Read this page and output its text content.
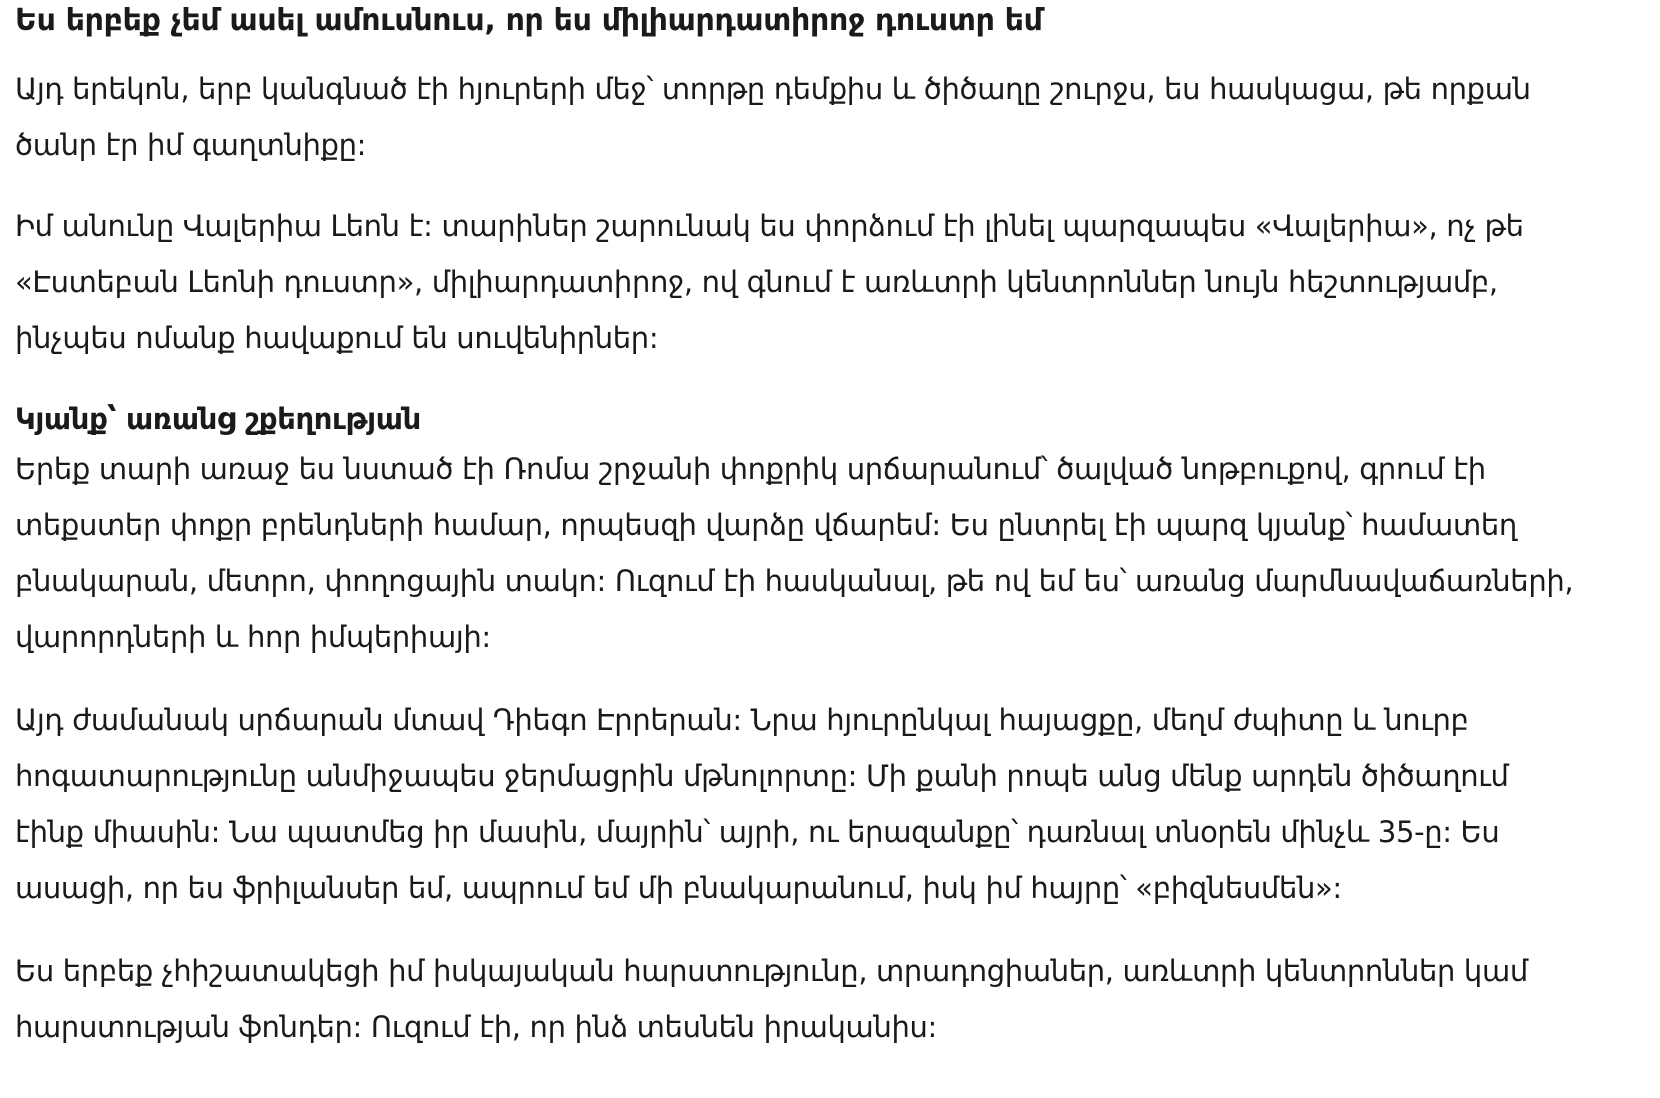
Ես երբեք չեմ ասել ամուսնուս, որ ես միլիարդատիրոջ դուստր եմ

Այդ երեկոն, երբ կանգնած էի հյուրերի մեջ՝ տորթը դեմքիս և ծիծաղը շուրջս, ես հասկացա, թե որքան ծանր էր իմ գաղտնիքը:

Իմ անունը Վալերիա Լեոն է: տարիներ շարունակ ես փորձում էի լինել պարզապես «Վալերիա», ոչ թե «Էստեբան Լեոնի դուստր», միլիարդատիրոջ, ով գնում է առևտրի կենտրոններ նույն հեշտությամբ, ինչպես ոմանք հավաքում են սուվենիրներ:

Կյանք՝ առանց շքեղության

Երեք տարի առաջ ես նստած էի Ռոմա շրջանի փոքրիկ սրճարանում՝ ծալված նոթբուքով, գրում էի տեքստեր փոքր բրենդների համար, որպեսզի վարձը վճարեմ: Ես ընտրել էի պարզ կյանք՝ համատեղ բնակարան, մետրո, փողոցային տակո: Ուզում էի հասկանալ, թե ով եմ ես՝ առանց մարմնավաճառների, վարորդների և հոր իմպերիայի:

Այդ ժամանակ սրճարան մտավ Դիեգո Էրրերան: Նրա հյուրընկալ հայացքը, մեղմ ժպիտը և նուրբ հոգատարությունը անմիջապես ջերմացրին մթնոլորտը: Մի քանի րոպե անց մենք արդեն ծիծաղում էինք միասին: Նա պատմեց իր մասին, մայրին՝ այրի, ու երազանքը՝ դառնալ տնօրեն մինչև 35-ը: Ես ասացի, որ ես ֆրիլանսեր եմ, ապրում եմ մի բնակարանում, իսկ իմ հայրը՝ «բիզնեսմեն»:

Ես երբեք չհիշատակեցի իմ իսկայական հարստությունը, տրադոցիաներ, առևտրի կենտրոններ կամ հարստության ֆոնդեր: Ուզում էի, որ ինձ տեսնեն իրականիս:
